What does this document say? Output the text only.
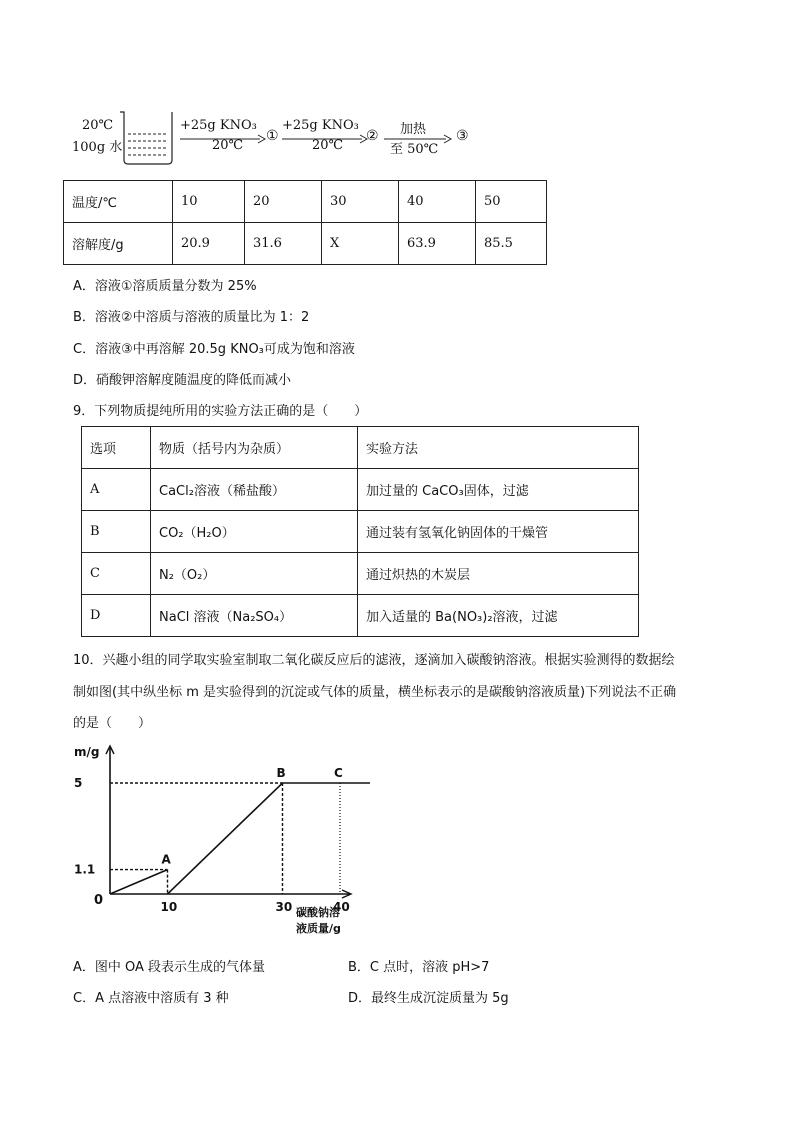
20℃
100g 水
+25g KNO₃
20℃
①
+25g KNO₃
20℃
② 加热
至 50℃
③
温度/℃	10	20	30	40	50
溶解度/g	20.9	31.6	X	63.9	85.5
A．溶液①溶质质量分数为 25%
B．溶液②中溶质与溶液的质量比为 1：2
C．溶液③中再溶解 20.5g KNO₃可成为饱和溶液
D．硝酸钾溶解度随温度的降低而减小
9．下列物质提纯所用的实验方法正确的是（　　）
选项	物质（括号内为杂质）	实验方法
A	CaCl₂溶液（稀盐酸）	加过量的 CaCO₃固体，过滤
B	CO₂（H₂O）	通过装有氢氧化钠固体的干燥管
C	N₂（O₂）	通过炽热的木炭层
D	NaCl 溶液（Na₂SO₄）	加入适量的 Ba(NO₃)₂溶液，过滤
10．兴趣小组的同学取实验室制取二氧化碳反应后的滤液，逐滴加入碳酸钠溶液。根据实验测得的数据绘
制如图(其中纵坐标 m 是实验得到的沉淀或气体的质量，横坐标表示的是碳酸钠溶液质量)下列说法不正确
的是（　　）
m/g
0
碳酸钠溶
液质量/g
1.1
5
10	30	40
A
B	C
A．图中 OA 段表示生成的气体量	B．C 点时，溶液 pH>7
C．A 点溶液中溶质有 3 种	D．最终生成沉淀质量为 5g
